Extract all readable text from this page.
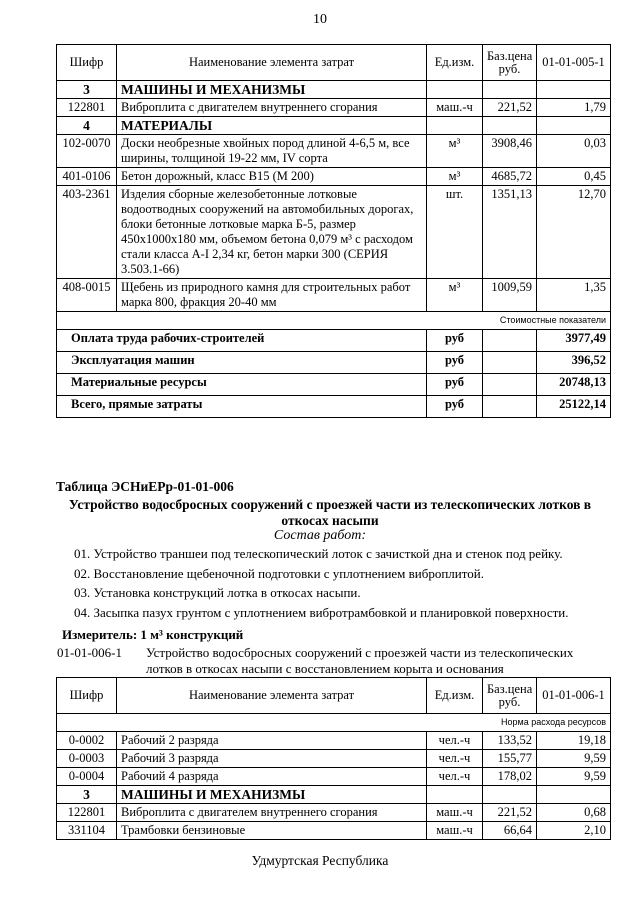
10
Шифр	Наименование элемента затрат	Ед.изм.	Баз.цена руб.	01-01-005-1
3	МАШИНЫ И МЕХАНИЗМЫ			
122801	Виброплита с двигателем внутреннего сгорания	маш.-ч	221,52	1,79
4	МАТЕРИАЛЫ			
102-0070	Доски необрезные хвойных пород длиной 4-6,5 м, все ширины, толщиной 19-22 мм, IV сорта	м³	3908,46	0,03
401-0106	Бетон дорожный, класс В15 (М 200)	м³	4685,72	0,45
403-2361	Изделия сборные железобетонные лотковые водоотводных сооружений на автомобильных дорогах, блоки бетонные лотковые марка Б-5, размер 450х1000х180 мм, объемом бетона 0,079 м³ с расходом стали класса А-I 2,34 кг, бетон марки 300 (СЕРИЯ 3.503.1-66)	шт.	1351,13	12,70
408-0015	Щебень из природного камня для строительных работ марка 800, фракция 20-40 мм	м³	1009,59	1,35
Стоимостные показатели				
Оплата труда рабочих-строителей		руб		3977,49
Эксплуатация машин		руб		396,52
Материальные ресурсы		руб		20748,13
Всего, прямые затраты		руб		25122,14
Таблица ЭСНиЕРр-01-01-006
Устройство водосбросных сооружений с проезжей части из телескопических лотков в откосах насыпи
Состав работ:
01. Устройство траншеи под телескопический лоток с зачисткой дна и стенок под рейку.
02. Восстановление щебеночной подготовки с уплотнением виброплитой.
03. Установка конструкций лотка в откосах насыпи.
04. Засыпка пазух грунтом с уплотнением вибротрамбовкой и планировкой поверхности.
Измеритель: 1 м³ конструкций
01-01-006-1 Устройство водосбросных сооружений с проезжей части из телескопических лотков в откосах насыпи с восстановлением корыта и основания
Шифр	Наименование элемента затрат	Ед.изм.	Баз.цена руб.	01-01-006-1
Норма расхода ресурсов				
0-0002	Рабочий 2 разряда	чел.-ч	133,52	19,18
0-0003	Рабочий 3 разряда	чел.-ч	155,77	9,59
0-0004	Рабочий 4 разряда	чел.-ч	178,02	9,59
3	МАШИНЫ И МЕХАНИЗМЫ			
122801	Виброплита с двигателем внутреннего сгорания	маш.-ч	221,52	0,68
331104	Трамбовки бензиновые	маш.-ч	66,64	2,10
Удмуртская Республика
